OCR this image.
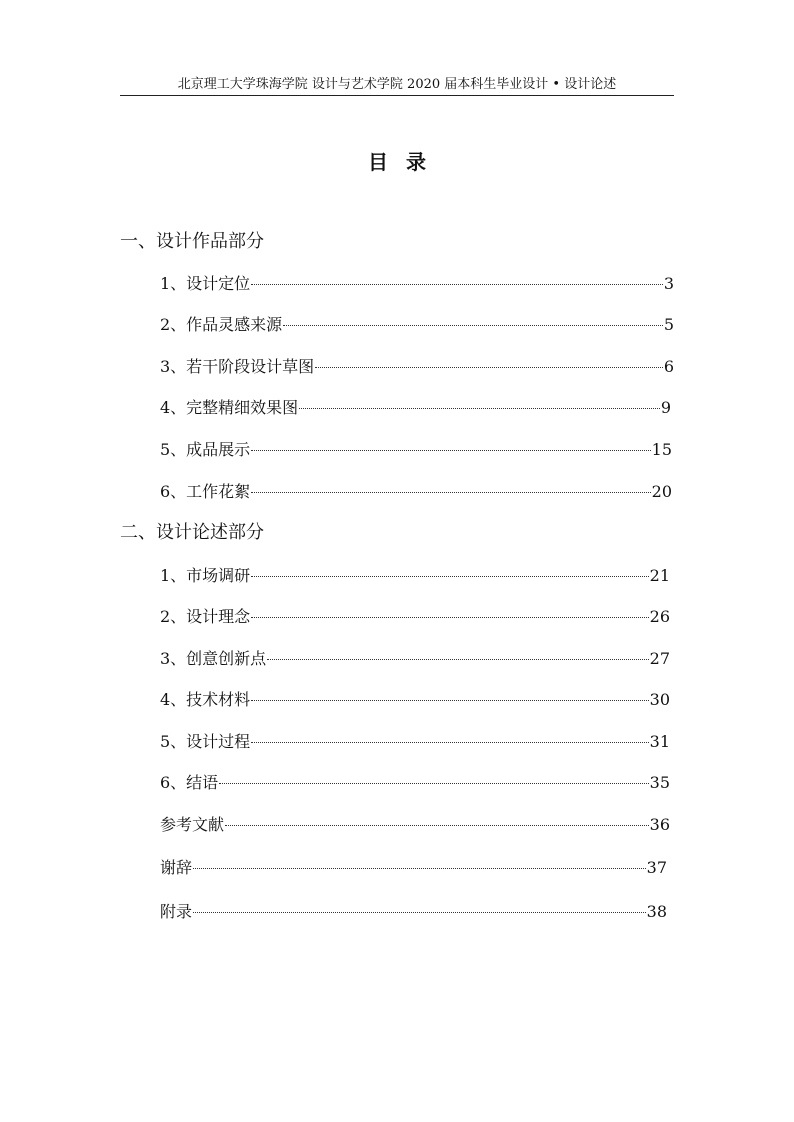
北京理工大学珠海学院 设计与艺术学院 2020 届本科生毕业设计 • 设计论述
目录
一、设计作品部分
1、设计定位	3
2、作品灵感来源	5
3、若干阶段设计草图	6
4、完整精细效果图	9
5、成品展示	15
6、工作花絮	20
二、设计论述部分
1、市场调研	21
2、设计理念	26
3、创意创新点	27
4、技术材料	30
5、设计过程	31
6、结语	35
参考文献	36
谢辞	37
附录	38
